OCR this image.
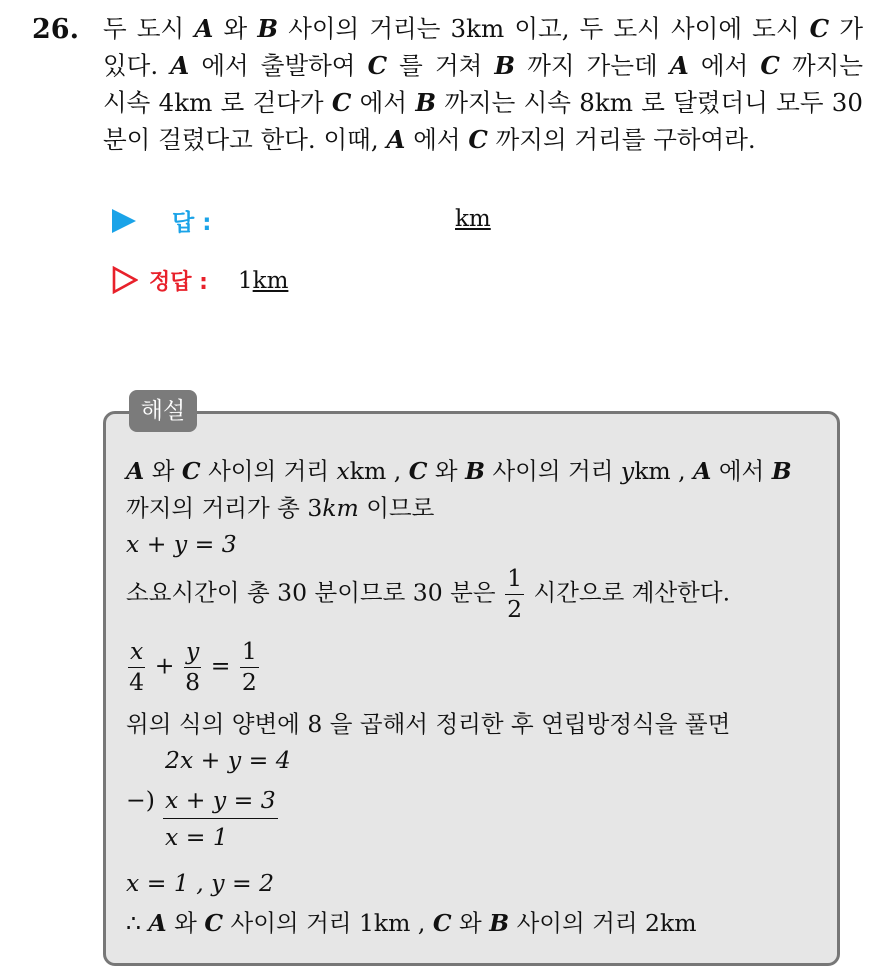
26. 두 도시 A 와 B 사이의 거리는 3km 이고, 두 도시 사이에 도시 C 가
있다. A 에서 출발하여 C 를 거쳐 B 까지 가는데 A 에서 C 까지는
시속 4km 로 걷다가 C 에서 B 까지는 시속 8km 로 달렸더니 모두 30
분이 걸렸다고 한다. 이때, A 에서 C 까지의 거리를 구하여라.
답 :	km
정답 : 1km
해설
A 와 C 사이의 거리 xkm , C 와 B 사이의 거리 ykm , A 에서 B
까지의 거리가 총 3km 이므로
x + y = 3
소요시간이 총 30 분이므로 30 분은 $\frac{1}{2}$ 시간으로 계산한다.
$\frac{x}{4} + \frac{y}{8} = \frac{1}{2}$
위의 식의 양변에 8 을 곱해서 정리한 후 연립방정식을 풀면
2x + y = 4
−) x + y = 3
x = 1
x = 1 , y = 2
∴ A 와 C 사이의 거리 1km , C 와 B 사이의 거리 2km
